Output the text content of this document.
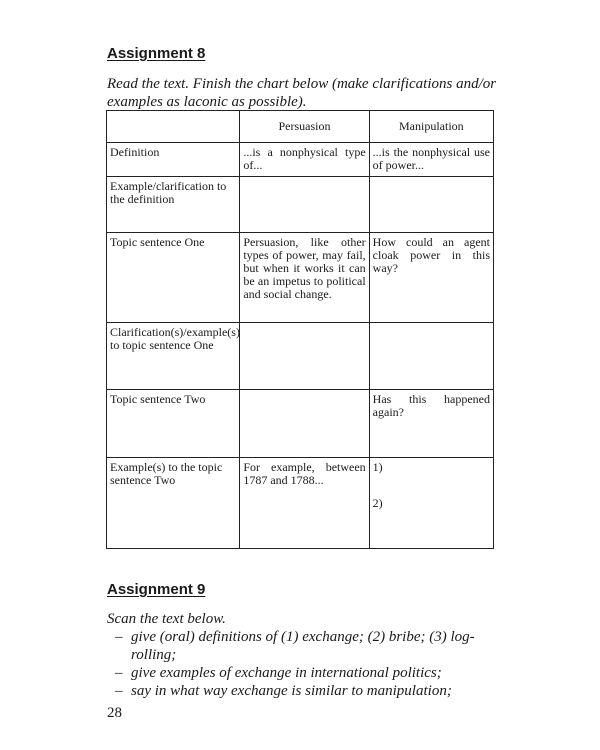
Assignment 8
Read the text. Finish the chart below (make clarifications and/or examples as laconic as possible).
	Persuasion	Manipulation
Definition	...is a nonphysical type of...	...is the nonphysical use of power...
Example/clarification to the definition		
Topic sentence One	Persuasion, like other types of power, may fail, but when it works it can be an impetus to political and social change.	How could an agent cloak power in this way?
Clarification(s)/example(s) to topic sentence One		
Topic sentence Two		Has this happened again?
Example(s) to the topic sentence Two	For example, between 1787 and 1788...	1)
2)
Assignment 9
Scan the text below.
– give (oral) definitions of (1) exchange; (2) bribe; (3) log-rolling;
– give examples of exchange in international politics;
– say in what way exchange is similar to manipulation;
28
